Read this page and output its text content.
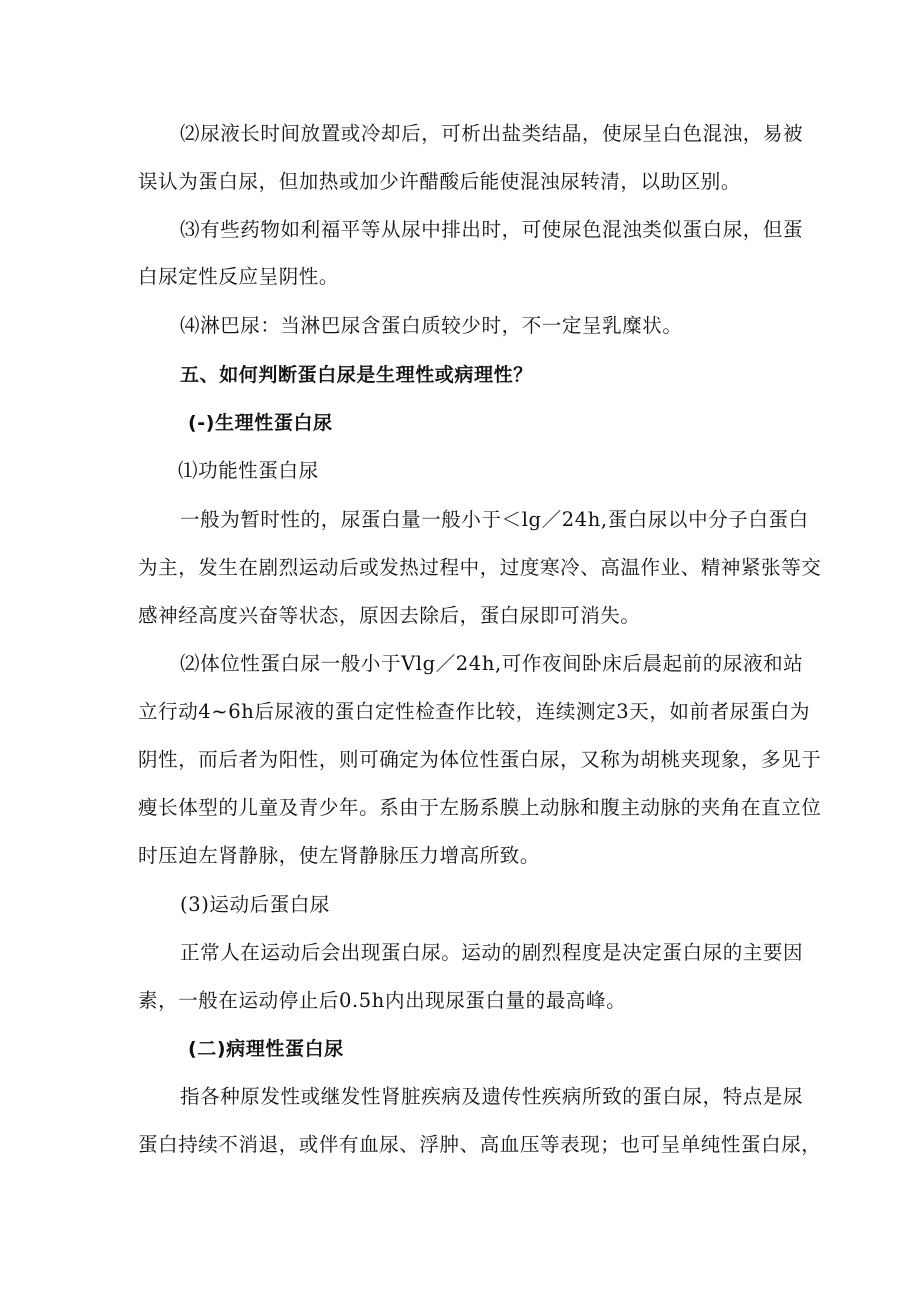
⑵尿液长时间放置或冷却后，可析出盐类结晶，使尿呈白色混浊，易被
误认为蛋白尿，但加热或加少许醋酸后能使混浊尿转清，以助区别。
⑶有些药物如利福平等从尿中排出时，可使尿色混浊类似蛋白尿，但蛋
白尿定性反应呈阴性。
⑷淋巴尿：当淋巴尿含蛋白质较少时，不一定呈乳糜状。
五、如何判断蛋白尿是生理性或病理性？
(-)生理性蛋白尿
⑴功能性蛋白尿
一般为暂时性的，尿蛋白量一般小于＜lg／24h,蛋白尿以中分子白蛋白
为主，发生在剧烈运动后或发热过程中，过度寒冷、高温作业、精神紧张等交
感神经高度兴奋等状态，原因去除后，蛋白尿即可消失。
⑵体位性蛋白尿一般小于Vlg／24h,可作夜间卧床后晨起前的尿液和站
立行动4~6h后尿液的蛋白定性检查作比较，连续测定3天，如前者尿蛋白为
阴性，而后者为阳性，则可确定为体位性蛋白尿，又称为胡桃夹现象，多见于
瘦长体型的儿童及青少年。系由于左肠系膜上动脉和腹主动脉的夹角在直立位
时压迫左肾静脉，使左肾静脉压力增高所致。
(3)运动后蛋白尿
正常人在运动后会出现蛋白尿。运动的剧烈程度是决定蛋白尿的主要因
素，一般在运动停止后0.5h内出现尿蛋白量的最高峰。
(二)病理性蛋白尿
指各种原发性或继发性肾脏疾病及遗传性疾病所致的蛋白尿，特点是尿
蛋白持续不消退，或伴有血尿、浮肿、高血压等表现；也可呈单纯性蛋白尿，
